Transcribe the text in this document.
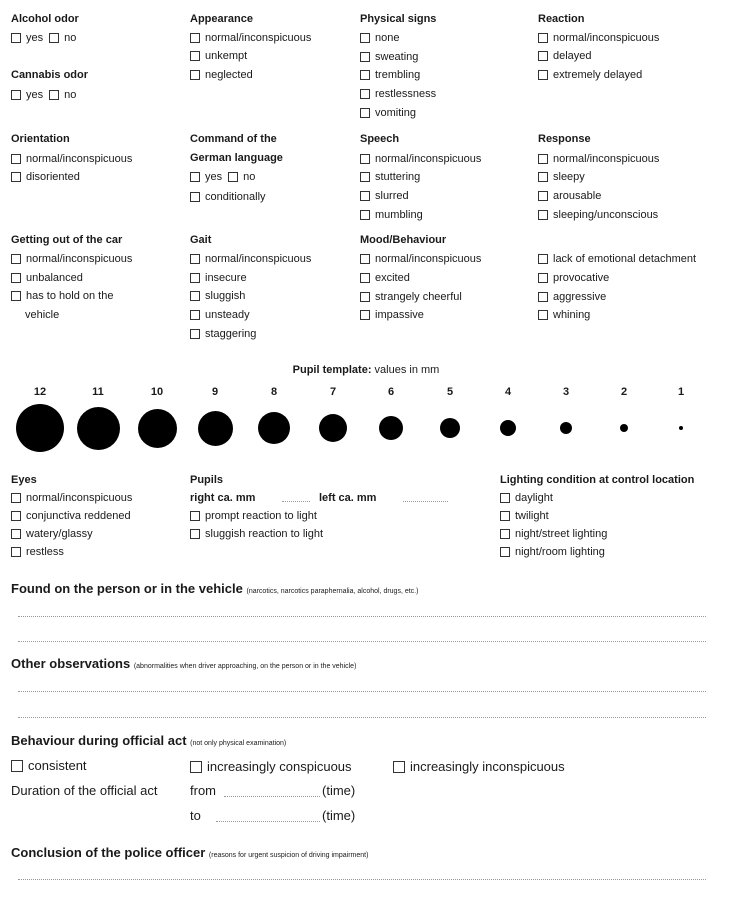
Alcohol odor
yes no
Cannabis odor
yes no
Appearance
normal/inconspicuous
unkempt
neglected
Physical signs
none
sweating
trembling
restlessness
vomiting
Reaction
normal/inconspicuous
delayed
extremely delayed
Orientation
normal/inconspicuous
disoriented
Command of the
German language
yes no
conditionally
Speech
normal/inconspicuous
stuttering
slurred
mumbling
Response
normal/inconspicuous
sleepy
arousable
sleeping/unconscious
Getting out of the car
normal/inconspicuous
unbalanced
has to hold on the
vehicle
Gait
normal/inconspicuous
insecure
sluggish
unsteady
staggering
Mood/Behaviour
normal/inconspicuous
excited
strangely cheerful
impassive
lack of emotional detachment
provocative
aggressive
whining
Pupil template: values in mm
12	11	10	9	8	7	6	5	4	3	2	1
Eyes
normal/inconspicuous
conjunctiva reddened
watery/glassy
restless
Pupils
right ca. mm	left ca. mm
prompt reaction to light
sluggish reaction to light
Lighting condition at control location
daylight
twilight
night/street lighting
night/room lighting
Found on the person or in the vehicle (narcotics, narcotics paraphernalia, alcohol, drugs, etc.)
Other observations (abnormalities when driver approaching, on the person or in the vehicle)
Behaviour during official act (not only physical examination)
consistent	increasingly conspicuous	increasingly inconspicuous
Duration of the official act	from	(time)
to	(time)
Conclusion of the police officer (reasons for urgent suspicion of driving impairment)
